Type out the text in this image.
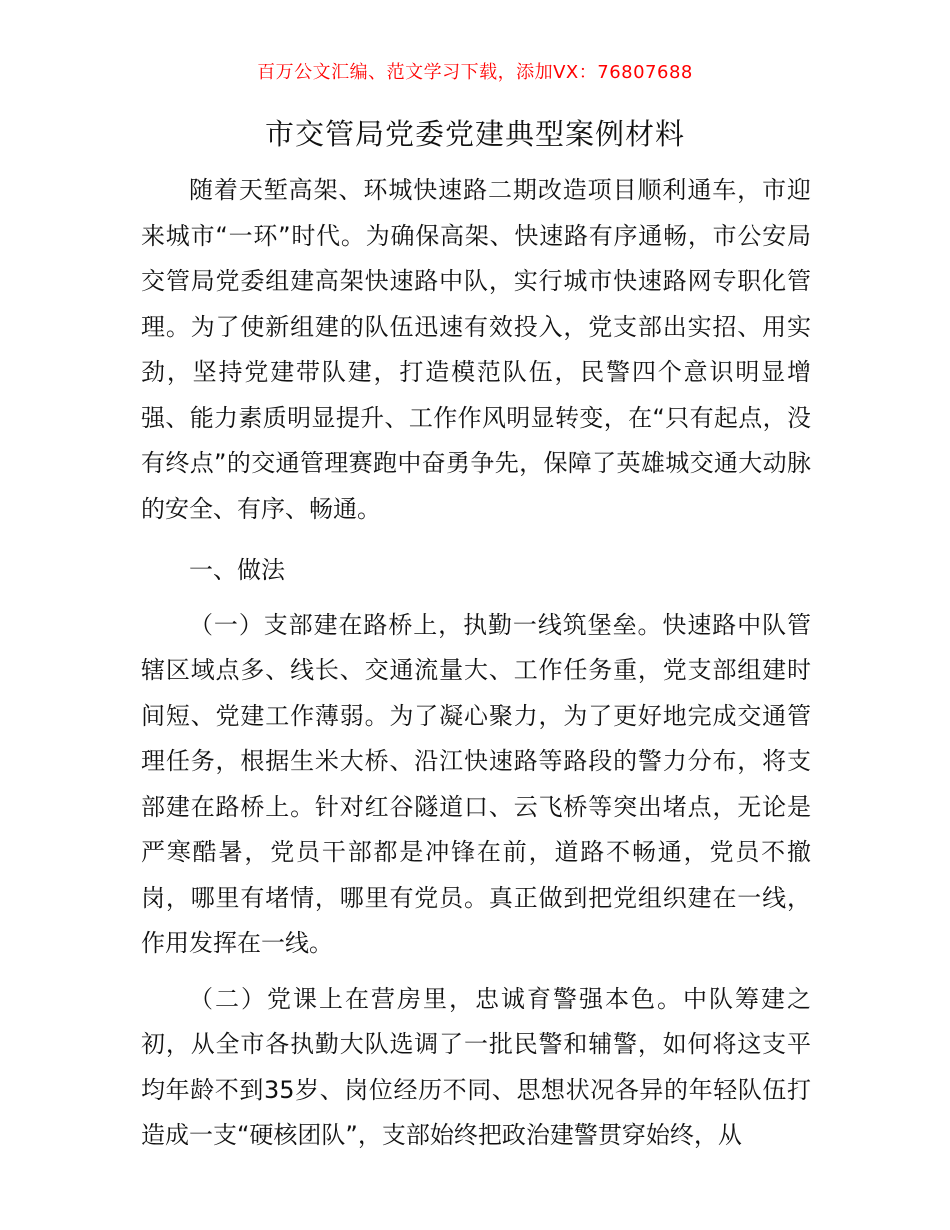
百万公文汇编、范文学习下载，添加VX：76807688
市交管局党委党建典型案例材料

随着天堑高架、环城快速路二期改造项目顺利通车，市迎来城市“一环”时代。为确保高架、快速路有序通畅，市公安局交管局党委组建高架快速路中队，实行城市快速路网专职化管理。为了使新组建的队伍迅速有效投入，党支部出实招、用实劲，坚持党建带队建，打造模范队伍，民警四个意识明显增强、能力素质明显提升、工作作风明显转变，在“只有起点，没有终点”的交通管理赛跑中奋勇争先，保障了英雄城交通大动脉的安全、有序、畅通。

一、做法

（一）支部建在路桥上，执勤一线筑堡垒。快速路中队管辖区域点多、线长、交通流量大、工作任务重，党支部组建时间短、党建工作薄弱。为了凝心聚力，为了更好地完成交通管理任务，根据生米大桥、沿江快速路等路段的警力分布，将支部建在路桥上。针对红谷隧道口、云飞桥等突出堵点，无论是严寒酷暑，党员干部都是冲锋在前，道路不畅通，党员不撤岗，哪里有堵情，哪里有党员。真正做到把党组织建在一线，作用发挥在一线。

（二）党课上在营房里，忠诚育警强本色。中队筹建之初，从全市各执勤大队选调了一批民警和辅警，如何将这支平均年龄不到35岁、岗位经历不同、思想状况各异的年轻队伍打造成一支“硬核团队”，支部始终把政治建警贯穿始终，从
